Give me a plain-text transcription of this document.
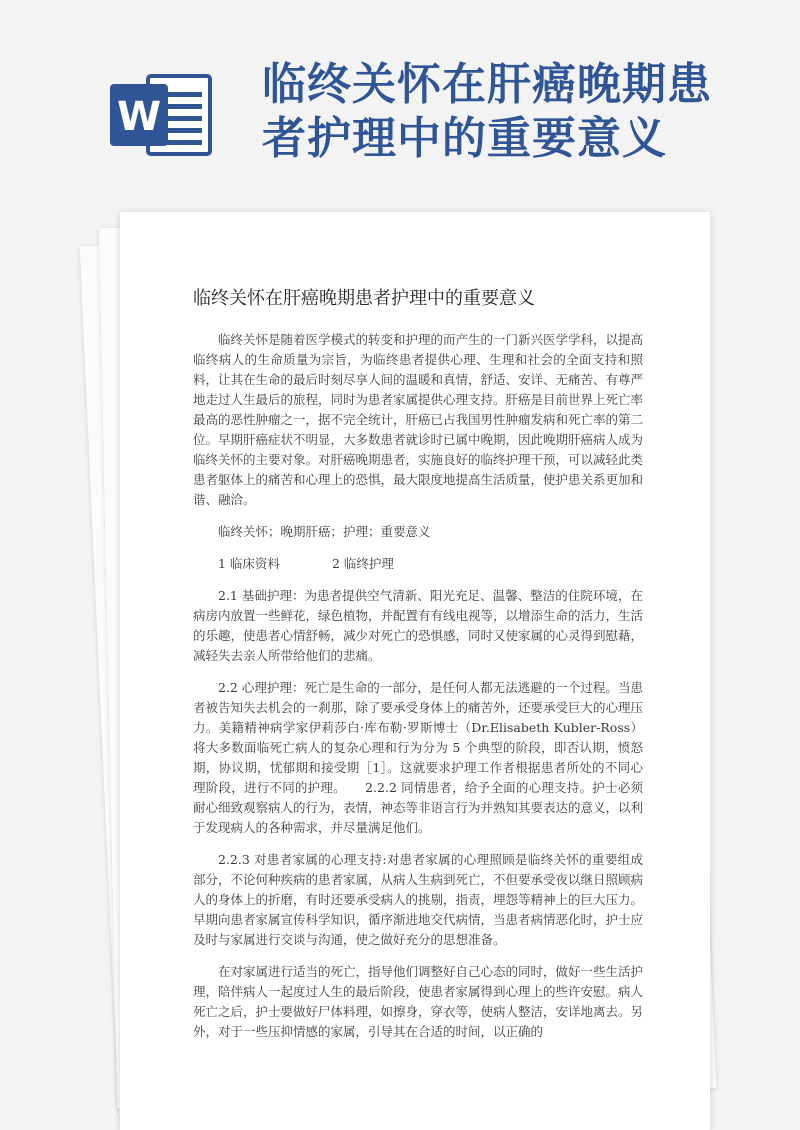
W
临终关怀在肝癌晚期患
者护理中的重要意义
临终关怀在肝癌晚期患者护理中的重要意义

临终关怀是随着医学模式的转变和护理的而产生的一门新兴医学学科，以提高临终病人的生命质量为宗旨，为临终患者提供心理、生理和社会的全面支持和照料，让其在生命的最后时刻尽享人间的温暖和真情，舒适、安详、无痛苦、有尊严地走过人生最后的旅程，同时为患者家属提供心理支持。肝癌是目前世界上死亡率最高的恶性肿瘤之一，据不完全统计，肝癌已占我国男性肿瘤发病和死亡率的第二位。早期肝癌症状不明显，大多数患者就诊时已属中晚期，因此晚期肝癌病人成为临终关怀的主要对象。对肝癌晚期患者，实施良好的临终护理干预，可以减轻此类患者躯体上的痛苦和心理上的恐惧，最大限度地提高生活质量，使护患关系更加和谐、融洽。

临终关怀；晚期肝癌；护理；重要意义

1 临床资料	2 临终护理

2.1 基础护理：为患者提供空气清新、阳光充足、温馨、整洁的住院环境，在病房内放置一些鲜花，绿色植物，并配置有有线电视等，以增添生命的活力，生活的乐趣，使患者心情舒畅，减少对死亡的恐惧感，同时又使家属的心灵得到慰藉，减轻失去亲人所带给他们的悲痛。

2.2 心理护理：死亡是生命的一部分，是任何人都无法逃避的一个过程。当患者被告知失去机会的一刹那，除了要承受身体上的痛苦外，还要承受巨大的心理压力。美籍精神病学家伊莉莎白·库布勒·罗斯博士（Dr.Elisabeth Kubler-Ross）将大多数面临死亡病人的复杂心理和行为分为 5 个典型的阶段，即否认期，愤怒期，协议期，忧郁期和接受期［1］。这就要求护理工作者根据患者所处的不同心理阶段，进行不同的护理。　　2.2.2 同情患者，给予全面的心理支持。护士必须耐心细致观察病人的行为，表情，神态等非语言行为并熟知其要表达的意义，以利于发现病人的各种需求，并尽量满足他们。

2.2.3 对患者家属的心理支持:对患者家属的心理照顾是临终关怀的重要组成部分，不论何种疾病的患者家属，从病人生病到死亡，不但要承受夜以继日照顾病人的身体上的折磨，有时还要承受病人的挑剔，指责，埋怨等精神上的巨大压力。早期向患者家属宣传科学知识，循序渐进地交代病情，当患者病情恶化时，护士应及时与家属进行交谈与沟通，使之做好充分的思想准备。

在对家属进行适当的死亡，指导他们调整好自己心态的同时，做好一些生活护理，陪伴病人一起度过人生的最后阶段，使患者家属得到心理上的些许安慰。病人死亡之后，护士要做好尸体料理，如擦身，穿衣等，使病人整洁，安详地离去。另外，对于一些压抑情感的家属，引导其在合适的时间，以正确的
